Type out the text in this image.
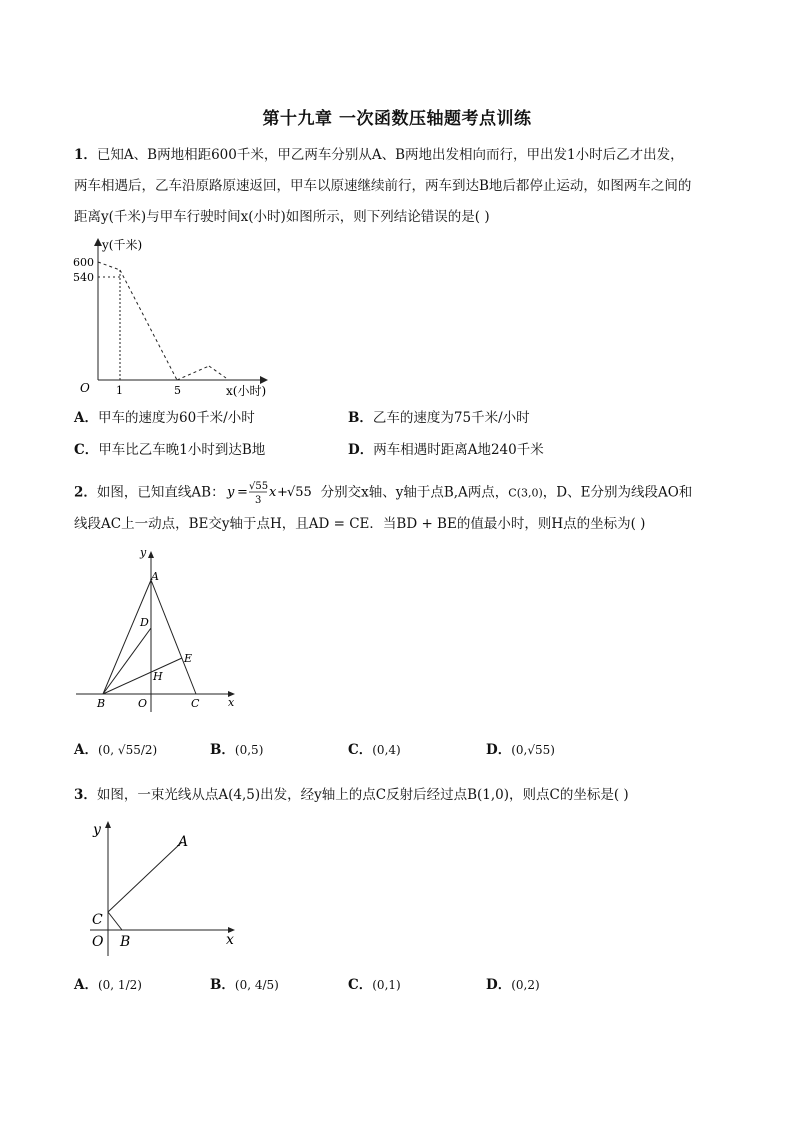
第十九章 一次函数压轴题考点训练
1．已知A、B两地相距600千米，甲乙两车分别从A、B两地出发相向而行，甲出发1小时后乙才出发，
两车相遇后，乙车沿原路原速返回，甲车以原速继续前行，两车到达B地后都停止运动，如图两车之间的
距离y(千米)与甲车行驶时间x(小时)如图所示，则下列结论错误的是( )
y(千米)
x(小时)
O
600
540
1	5
A．甲车的速度为60千米/小时	B．乙车的速度为75千米/小时
C．甲车比乙车晚1小时到达B地	D．两车相遇时距离A地240千米
2．如图，已知直线AB： y = √55
3
x + √55 分别交x轴、y轴于点B,A两点，C(3,0)，D、E分别为线段AO和
线段AC上一动点，BE交y轴于点H，且AD = CE．当BD + BE的值最小时，则H点的坐标为( )
y
x
A
D
E
H
B	O	C
A．(0, √55/2)	B．(0,5)	C．(0,4)	D．(0,√55)
3．如图，一束光线从点A(4,5)出发，经y轴上的点C反射后经过点B(1,0)，则点C的坐标是( )
y
x
A
C
O B
A．(0, 1/2)	B．(0, 4/5)	C．(0,1)	D．(0,2)
